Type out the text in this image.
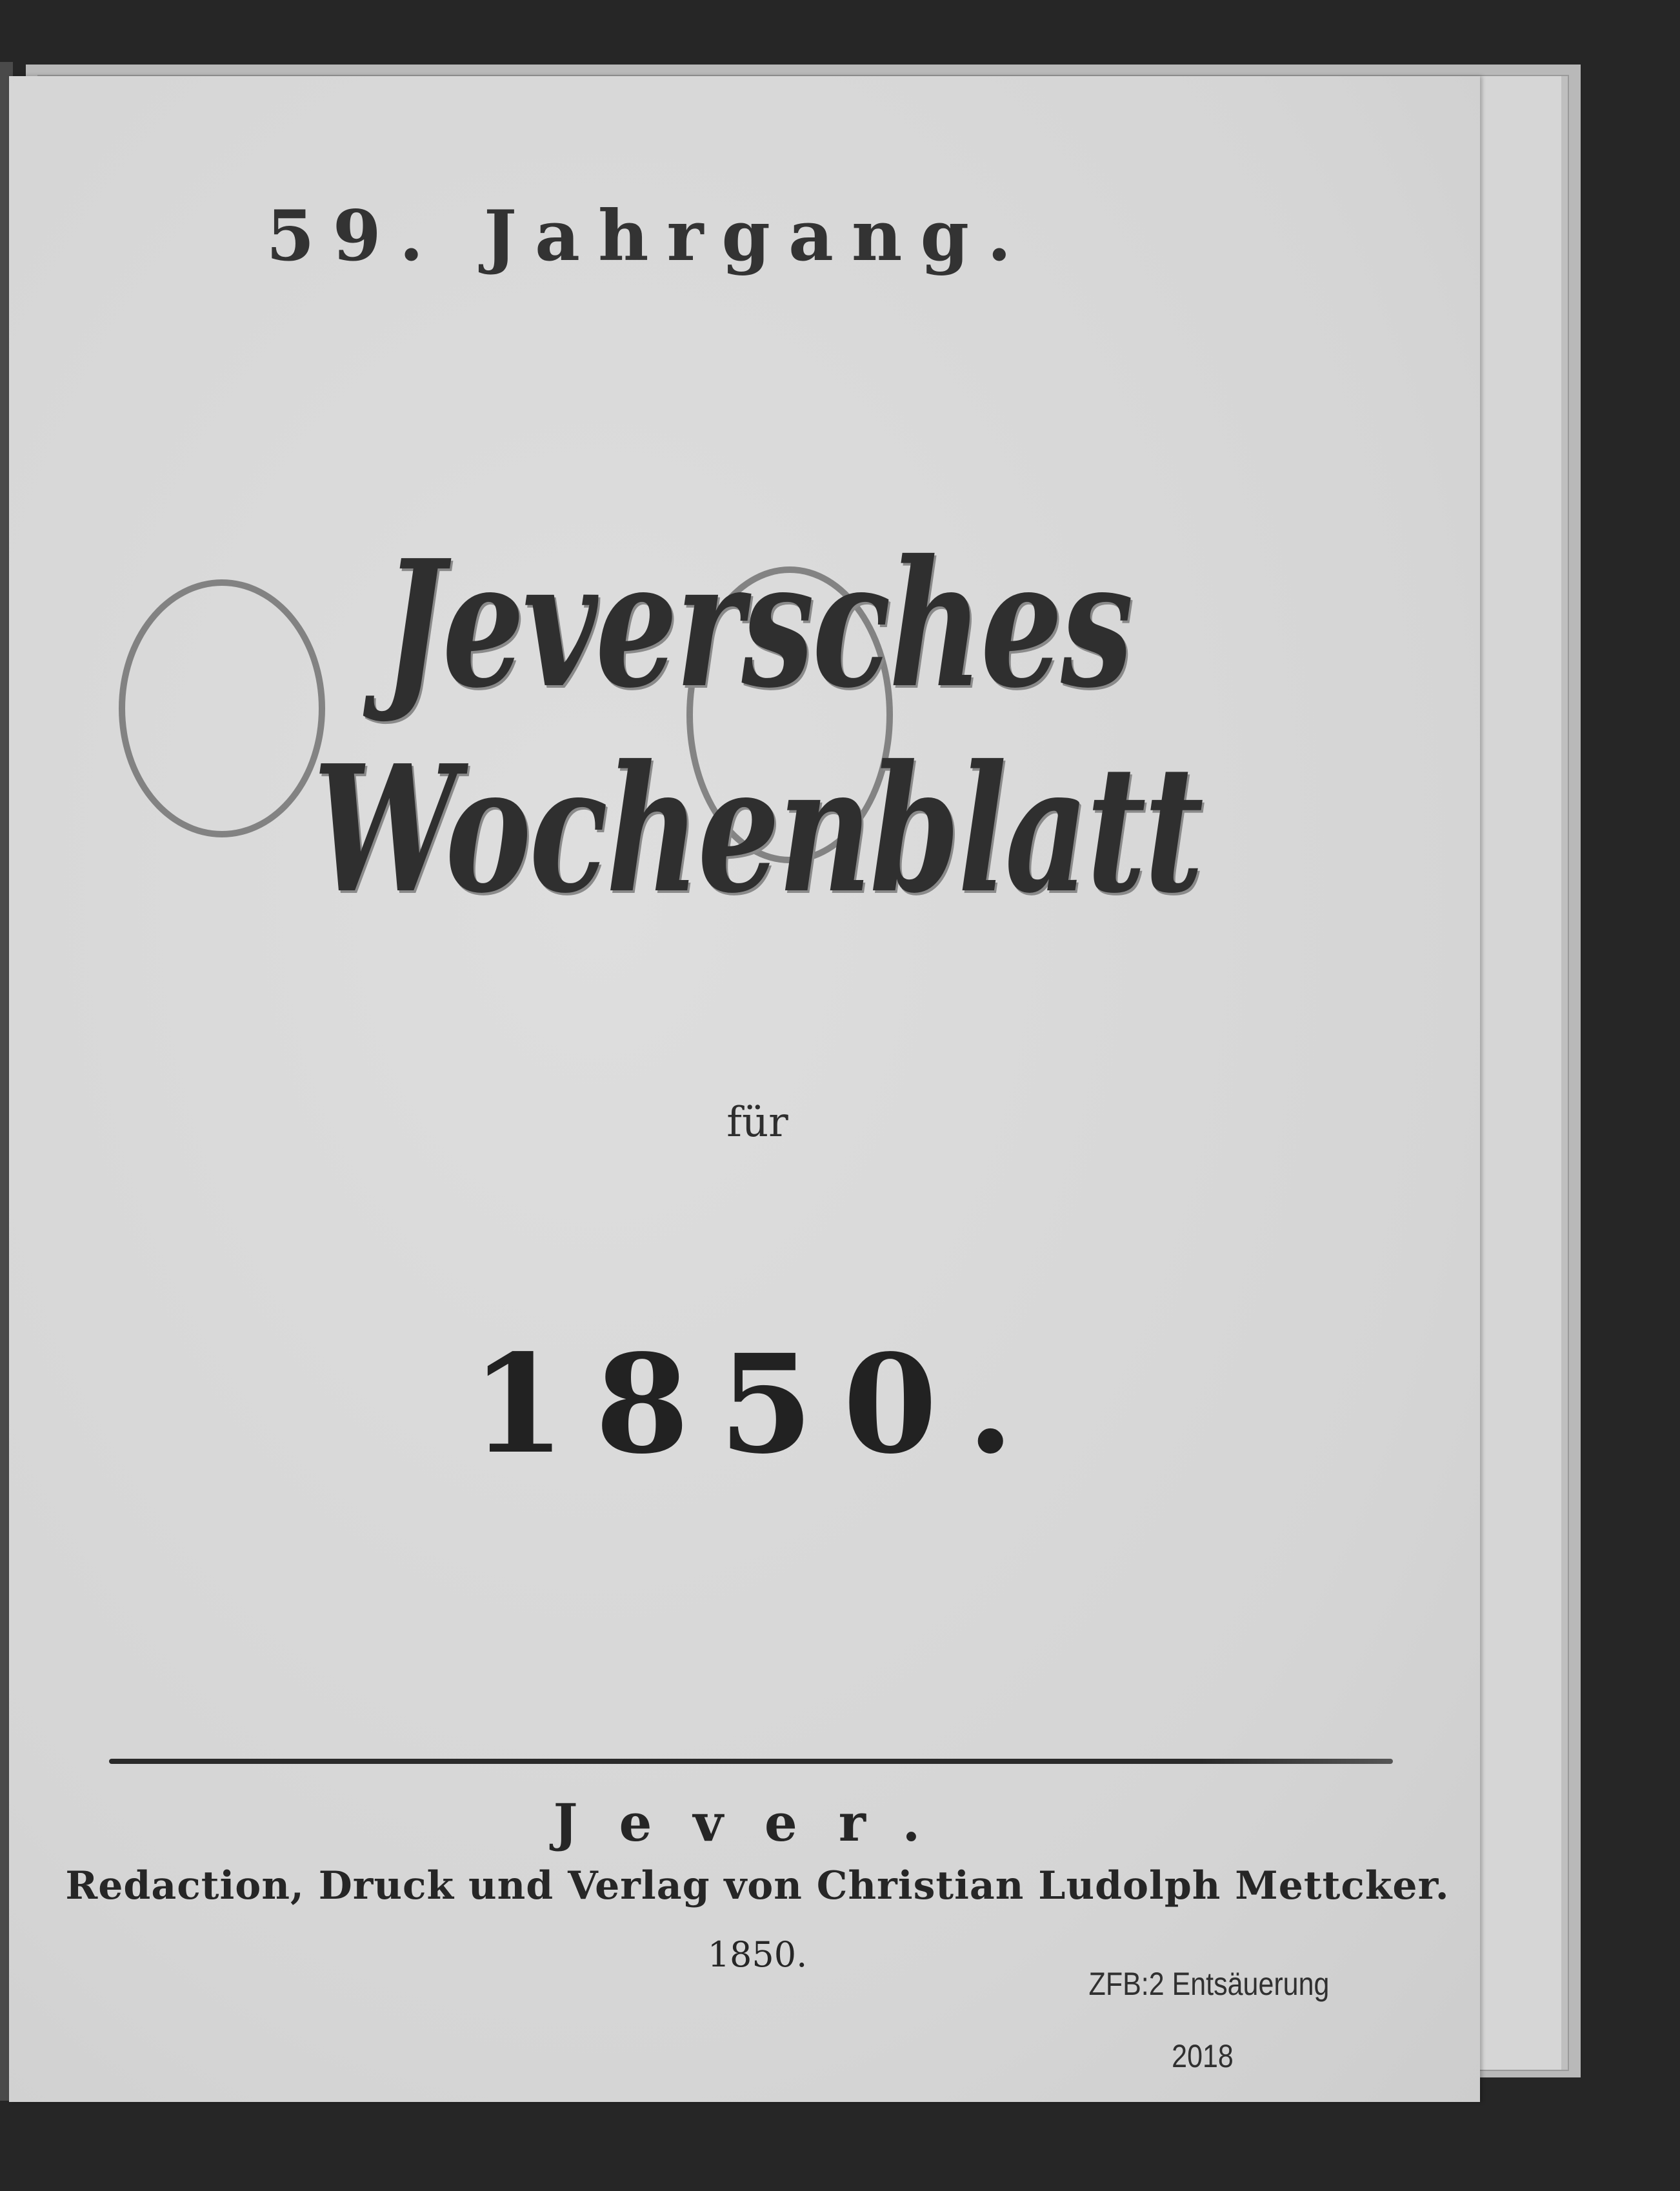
59. Jahrgang.
Jeversches Wochenblatt
für
1850.
Jever.
Redaction, Druck und Verlag von Christian Ludolph Mettcker.
1850.
ZFB:2 Entsäuerung
2018
